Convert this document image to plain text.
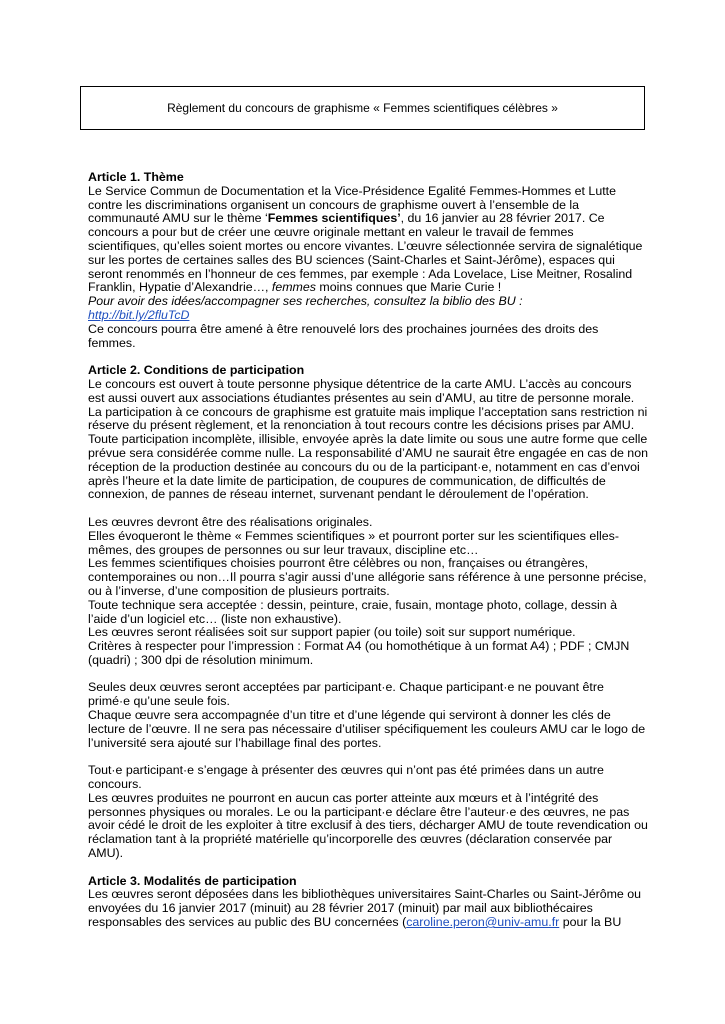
Règlement du concours de graphisme « Femmes scientifiques célèbres »

Article 1. Thème

Le Service Commun de Documentation et la Vice-Présidence Egalité Femmes-Hommes et Lutte contre les discriminations organisent un concours de graphisme ouvert à l’ensemble de la communauté AMU sur le thème ‘Femmes scientifiques’, du 16 janvier au 28 février 2017. Ce concours a pour but de créer une œuvre originale mettant en valeur le travail de femmes scientifiques, qu’elles soient mortes ou encore vivantes. L’œuvre sélectionnée servira de signalétique sur les portes de certaines salles des BU sciences (Saint-Charles et Saint-Jérôme), espaces qui seront renommés en l’honneur de ces femmes, par exemple : Ada Lovelace, Lise Meitner, Rosalind Franklin, Hypatie d’Alexandrie…, femmes moins connues que Marie Curie !

Pour avoir des idées/accompagner ses recherches, consultez la biblio des BU :

http://bit.ly/2fluTcD

Ce concours pourra être amené à être renouvelé lors des prochaines journées des droits des femmes.

Article 2. Conditions de participation

Le concours est ouvert à toute personne physique détentrice de la carte AMU. L’accès au concours est aussi ouvert aux associations étudiantes présentes au sein d’AMU, au titre de personne morale. La participation à ce concours de graphisme est gratuite mais implique l’acceptation sans restriction ni réserve du présent règlement, et la renonciation à tout recours contre les décisions prises par AMU. Toute participation incomplète, illisible, envoyée après la date limite ou sous une autre forme que celle prévue sera considérée comme nulle. La responsabilité d’AMU ne saurait être engagée en cas de non réception de la production destinée au concours du ou de la participant·e, notamment en cas d’envoi après l’heure et la date limite de participation, de coupures de communication, de difficultés de connexion, de pannes de réseau internet, survenant pendant le déroulement de l’opération.

Les œuvres devront être des réalisations originales.

Elles évoqueront le thème « Femmes scientifiques » et pourront porter sur les scientifiques elles-mêmes, des groupes de personnes ou sur leur travaux, discipline etc…

Les femmes scientifiques choisies pourront être célèbres ou non, françaises ou étrangères, contemporaines ou non…Il pourra s’agir aussi d’une allégorie sans référence à une personne précise, ou à l’inverse, d’une composition de plusieurs portraits.

Toute technique sera acceptée : dessin, peinture, craie, fusain, montage photo, collage, dessin à l’aide d’un logiciel etc… (liste non exhaustive).

Les œuvres seront réalisées soit sur support papier (ou toile) soit sur support numérique.

Critères à respecter pour l’impression : Format A4 (ou homothétique à un format A4) ; PDF ; CMJN (quadri) ; 300 dpi de résolution minimum.

Seules deux œuvres seront acceptées par participant·e. Chaque participant·e ne pouvant être primé·e qu’une seule fois.

Chaque œuvre sera accompagnée d’un titre et d’une légende qui serviront à donner les clés de lecture de l’œuvre. Il ne sera pas nécessaire d’utiliser spécifiquement les couleurs AMU car le logo de l’université sera ajouté sur l’habillage final des portes.

Tout·e participant·e s’engage à présenter des œuvres qui n’ont pas été primées dans un autre concours.

Les œuvres produites ne pourront en aucun cas porter atteinte aux mœurs et à l’intégrité des personnes physiques ou morales. Le ou la participant·e déclare être l’auteur·e des œuvres, ne pas avoir cédé le droit de les exploiter à titre exclusif à des tiers, décharger AMU de toute revendication ou réclamation tant à la propriété matérielle qu’incorporelle des œuvres (déclaration conservée par AMU).

Article 3. Modalités de participation

Les œuvres seront déposées dans les bibliothèques universitaires Saint-Charles ou Saint-Jérôme ou envoyées du 16 janvier 2017 (minuit) au 28 février 2017 (minuit) par mail aux bibliothécaires responsables des services au public des BU concernées (caroline.peron@univ-amu.fr pour la BU
